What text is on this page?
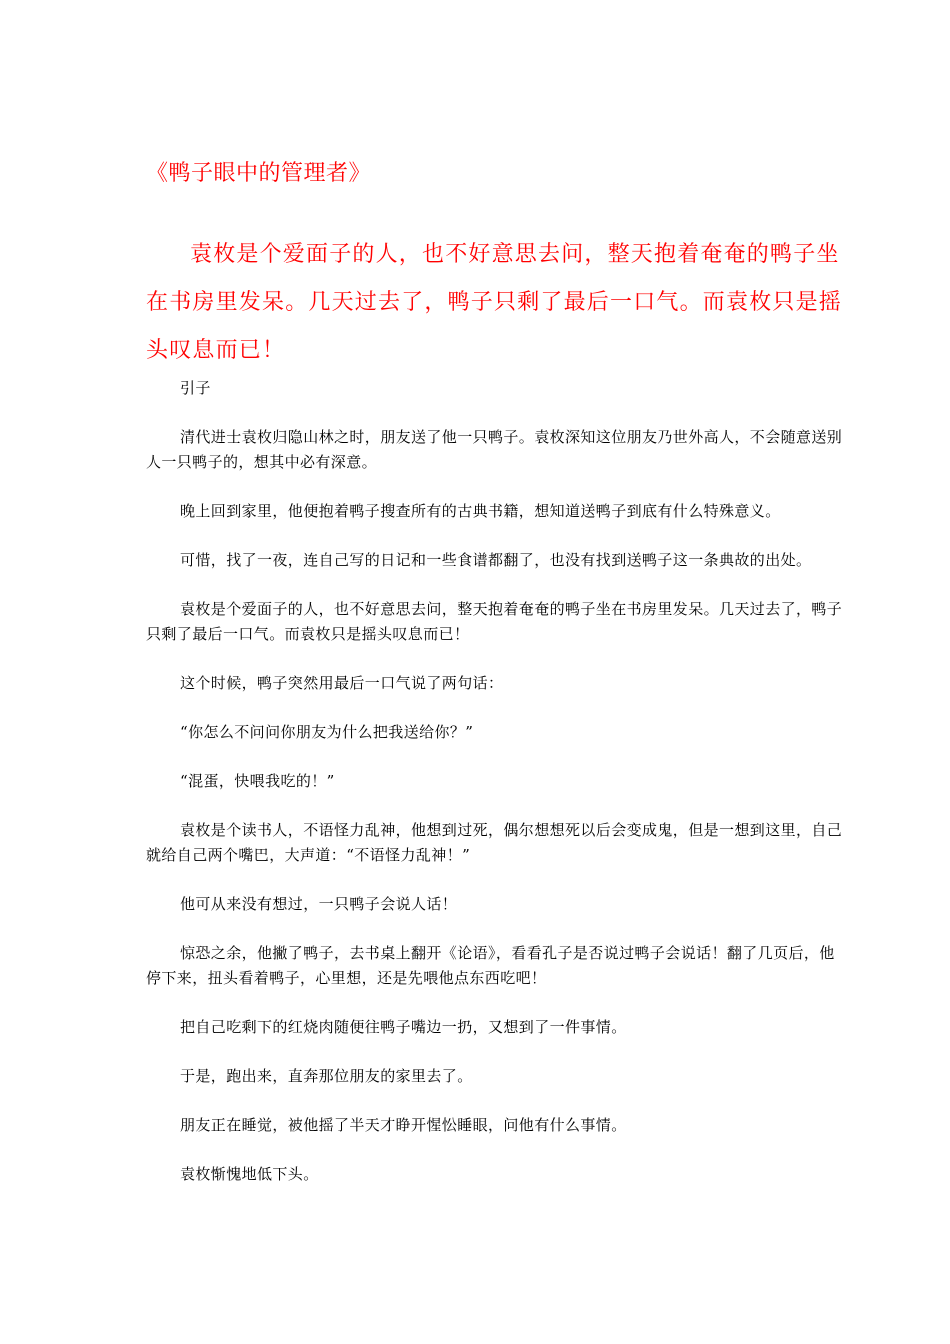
《鸭子眼中的管理者》

袁枚是个爱面子的人，也不好意思去问，整天抱着奄奄的鸭子坐在书房里发呆。几天过去了，鸭子只剩了最后一口气。而袁枚只是摇头叹息而已！

引子

清代进士袁枚归隐山林之时，朋友送了他一只鸭子。袁枚深知这位朋友乃世外高人，不会随意送别人一只鸭子的，想其中必有深意。

晚上回到家里，他便抱着鸭子搜查所有的古典书籍，想知道送鸭子到底有什么特殊意义。

可惜，找了一夜，连自己写的日记和一些食谱都翻了，也没有找到送鸭子这一条典故的出处。

袁枚是个爱面子的人，也不好意思去问，整天抱着奄奄的鸭子坐在书房里发呆。几天过去了，鸭子只剩了最后一口气。而袁枚只是摇头叹息而已！

这个时候，鸭子突然用最后一口气说了两句话：

“你怎么不问问你朋友为什么把我送给你？”

“混蛋，快喂我吃的！”

袁枚是个读书人，不语怪力乱神，他想到过死，偶尔想想死以后会变成鬼，但是一想到这里，自己就给自己两个嘴巴，大声道：“不语怪力乱神！”

他可从来没有想过，一只鸭子会说人话！

惊恐之余，他撇了鸭子，去书桌上翻开《论语》，看看孔子是否说过鸭子会说话！翻了几页后，他停下来，扭头看着鸭子，心里想，还是先喂他点东西吃吧！

把自己吃剩下的红烧肉随便往鸭子嘴边一扔，又想到了一件事情。

于是，跑出来，直奔那位朋友的家里去了。

朋友正在睡觉，被他摇了半天才睁开惺忪睡眼，问他有什么事情。

袁枚惭愧地低下头。
